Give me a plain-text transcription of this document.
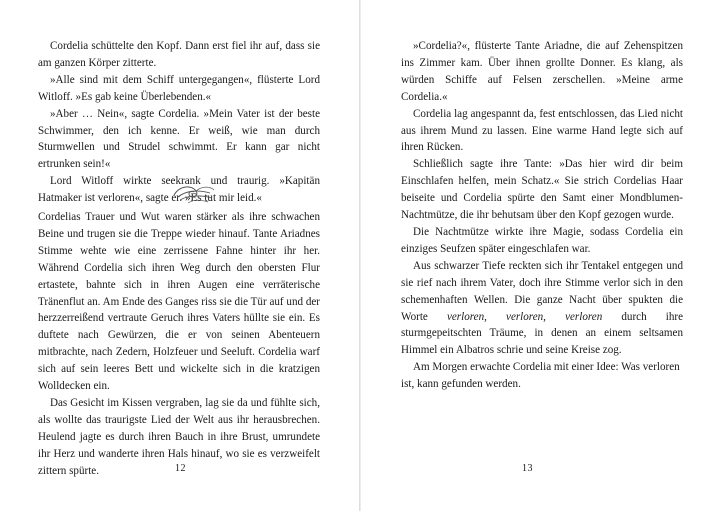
Cordelia schüttelte den Kopf. Dann erst fiel ihr auf, dass sie am ganzen Körper zitterte.

»Alle sind mit dem Schiff untergegangen«, flüsterte Lord Witloff. »Es gab keine Überlebenden.«

»Aber … Nein«, sagte Cordelia. »Mein Vater ist der beste Schwimmer, den ich kenne. Er weiß, wie man durch Sturmwellen und Strudel schwimmt. Er kann gar nicht ertrunken sein!«

Lord Witloff wirkte seekrank und traurig. »Kapitän Hatmaker ist verloren«, sagte er. »Es tut mir leid.«

Cordelias Trauer und Wut waren stärker als ihre schwachen Beine und trugen sie die Treppe wieder hinauf. Tante Ariadnes Stimme wehte wie eine zerrissene Fahne hinter ihr her. Während Cordelia sich ihren Weg durch den obersten Flur ertastete, bahnte sich in ihren Augen eine verräterische Tränenflut an. Am Ende des Ganges riss sie die Tür auf und der herzzerreißend vertraute Geruch ihres Vaters hüllte sie ein. Es duftete nach Gewürzen, die er von seinen Abenteuern mitbrachte, nach Zedern, Holzfeuer und Seeluft. Cordelia warf sich auf sein leeres Bett und wickelte sich in die kratzigen Wolldecken ein.

Das Gesicht im Kissen vergraben, lag sie da und fühlte sich, als wollte das traurigste Lied der Welt aus ihr herausbrechen. Heulend jagte es durch ihren Bauch in ihre Brust, umrundete ihr Herz und wanderte ihren Hals hinauf, wo sie es verzweifelt zittern spürte.	12

»Cordelia?«, flüsterte Tante Ariadne, die auf Zehenspitzen ins Zimmer kam. Über ihnen grollte Donner. Es klang, als würden Schiffe auf Felsen zerschellen. »Meine arme Cordelia.«

Cordelia lag angespannt da, fest entschlossen, das Lied nicht aus ihrem Mund zu lassen. Eine warme Hand legte sich auf ihren Rücken.

Schließlich sagte ihre Tante: »Das hier wird dir beim Einschlafen helfen, mein Schatz.« Sie strich Cordelias Haar beiseite und Cordelia spürte den Samt einer Mondblumen-Nachtmütze, die ihr behutsam über den Kopf gezogen wurde.

Die Nachtmütze wirkte ihre Magie, sodass Cordelia ein einziges Seufzen später eingeschlafen war.

Aus schwarzer Tiefe reckten sich ihr Tentakel entgegen und sie rief nach ihrem Vater, doch ihre Stimme verlor sich in den schemenhaften Wellen. Die ganze Nacht über spukten die Worte verloren, verloren, verloren durch ihre sturmgepeitschten Träume, in denen an einem seltsamen Himmel ein Albatros schrie und seine Kreise zog.

Am Morgen erwachte Cordelia mit einer Idee: Was verloren ist, kann gefunden werden.

13
